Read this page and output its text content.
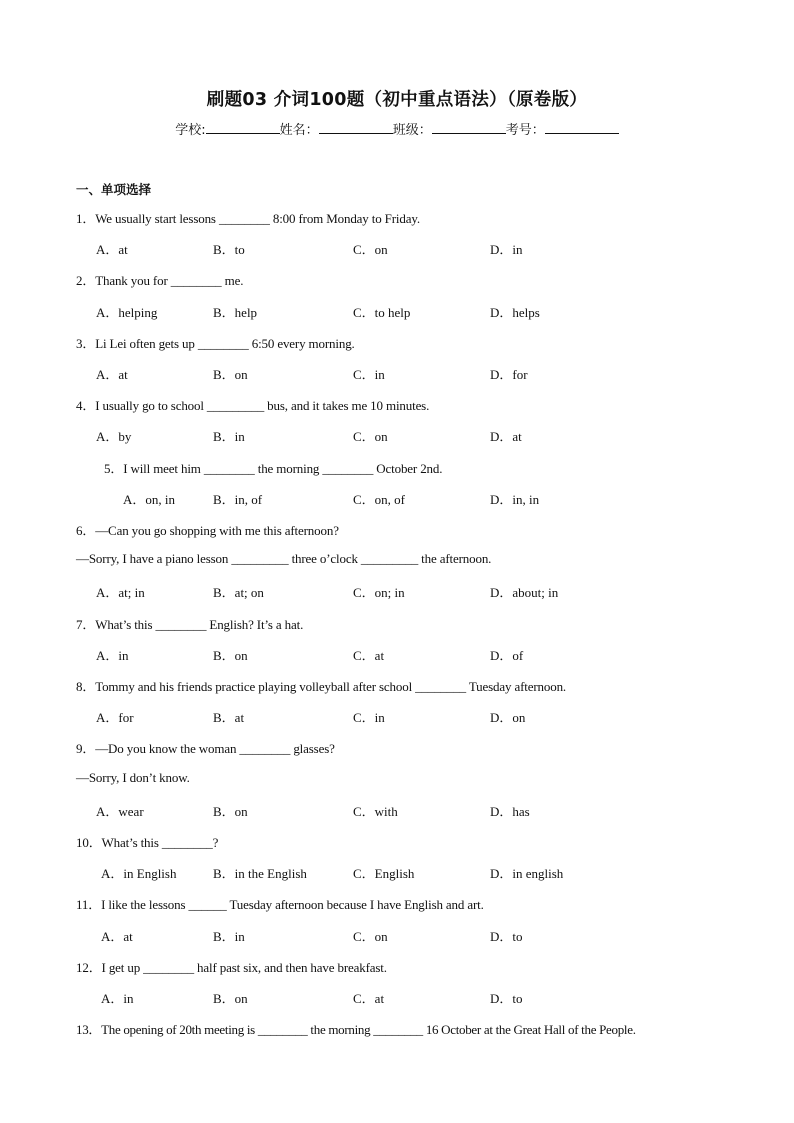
刷题03 介词100题（初中重点语法）（原卷版）
学校:	姓名：	班级：	考号：
一、单项选择
1．We usually start lessons ________ 8:00 from Monday to Friday.
A．at	B．to	C．on	D．in
2．Thank you for ________ me.
A．helping	B．help	C．to help	D．helps
3．Li Lei often gets up ________ 6:50 every morning.
A．at	B．on	C．in	D．for
4．I usually go to school _________ bus, and it takes me 10 minutes.
A．by	B．in	C．on	D．at
5．I will meet him ________ the morning ________ October 2nd.
A．on, in	B．in, of	C．on, of	D．in, in
6．—Can you go shopping with me this afternoon?
—Sorry, I have a piano lesson _________ three o’clock _________ the afternoon.
A．at; in	B．at; on	C．on; in	D．about; in
7．What’s this ________ English? It’s a hat.
A．in	B．on	C．at	D．of
8．Tommy and his friends practice playing volleyball after school ________ Tuesday afternoon.
A．for	B．at	C．in	D．on
9．—Do you know the woman ________ glasses?
—Sorry, I don’t know.
A．wear	B．on	C．with	D．has
10．What’s this ________?
A．in English	B．in the English	C．English	D．in english
11．I like the lessons ______ Tuesday afternoon because I have English and art.
A．at	B．in	C．on	D．to
12．I get up ________ half past six, and then have breakfast.
A．in	B．on	C．at	D．to
13．The opening of 20th meeting is ________ the morning ________ 16 October at the Great Hall of the People.
